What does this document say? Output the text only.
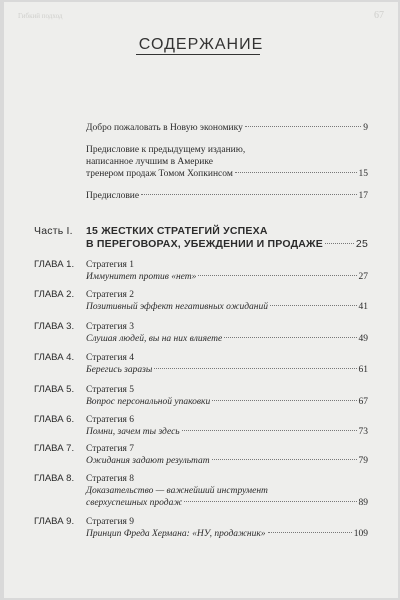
Гибкий подход	67
СОДЕРЖАНИЕ
Добро пожаловать в Новую экономику	9
Предисловие к предыдущему изданию,
написанное лучшим в Америке
тренером продаж Томом Хопкинсом	15
Предисловие	17
Часть I.	15 ЖЕСТКИХ СТРАТЕГИЙ УСПЕХА
В ПЕРЕГОВОРАХ, УБЕЖДЕНИИ И ПРОДАЖЕ	25
ГЛАВА 1.	Стратегия 1
Иммунитет против «нет»	27
ГЛАВА 2.	Стратегия 2
Позитивный эффект негативных ожиданий	41
ГЛАВА 3.	Стратегия 3
Слушая людей, вы на них влияете	49
ГЛАВА 4.	Стратегия 4
Берегись заразы	61
ГЛАВА 5.	Стратегия 5
Вопрос персональной упаковки	67
ГЛАВА 6.	Стратегия 6
Помни, зачем ты здесь	73
ГЛАВА 7.	Стратегия 7
Ожидания задают результат	79
ГЛАВА 8.	Стратегия 8
Доказательство — важнейший инструмент
сверхуспешных продаж	89
ГЛАВА 9.	Стратегия 9
Принцип Фреда Хермана: «НУ, продажник»	109
